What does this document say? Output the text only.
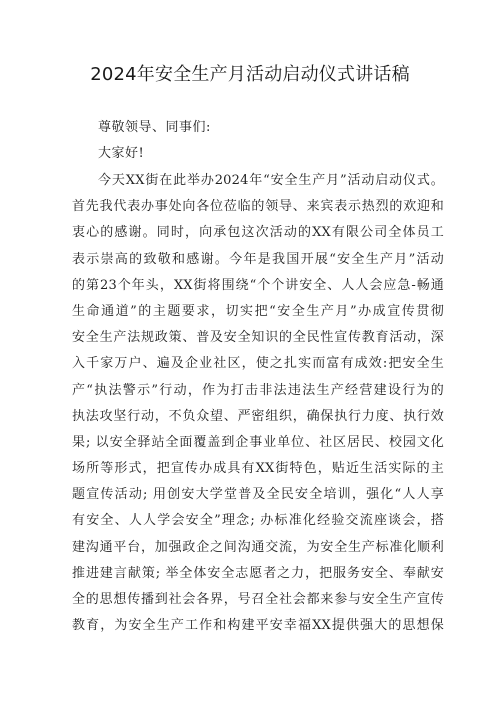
2024年安全生产月活动启动仪式讲话稿
尊敬领导、同事们:
大家好!
今天XX街在此举办2024年“安全生产月”活动启动仪式。
首先我代表办事处向各位莅临的领导、来宾表示热烈的欢迎和
衷心的感谢。同时，向承包这次活动的XX有限公司全体员工
表示崇高的致敬和感谢。今年是我国开展“安全生产月”活动
的第23个年头，XX街将围绕“个个讲安全、人人会应急-畅通
生命通道”的主题要求，切实把“安全生产月”办成宣传贯彻
安全生产法规政策、普及安全知识的全民性宣传教育活动，深
入千家万户、遍及企业社区，使之扎实而富有成效:把安全生
产“执法警示”行动，作为打击非法违法生产经营建设行为的
执法攻坚行动，不负众望、严密组织，确保执行力度、执行效
果; 以安全驿站全面覆盖到企事业单位、社区居民、校园文化
场所等形式，把宣传办成具有XX街特色，贴近生活实际的主
题宣传活动; 用创安大学堂普及全民安全培训，强化“人人享
有安全、人人学会安全”理念; 办标准化经验交流座谈会，搭
建沟通平台，加强政企之间沟通交流，为安全生产标准化顺利
推进建言献策; 举全体安全志愿者之力，把服务安全、奉献安
全的思想传播到社会各界，号召全社会都来参与安全生产宣传
教育，为安全生产工作和构建平安幸福XX提供强大的思想保
